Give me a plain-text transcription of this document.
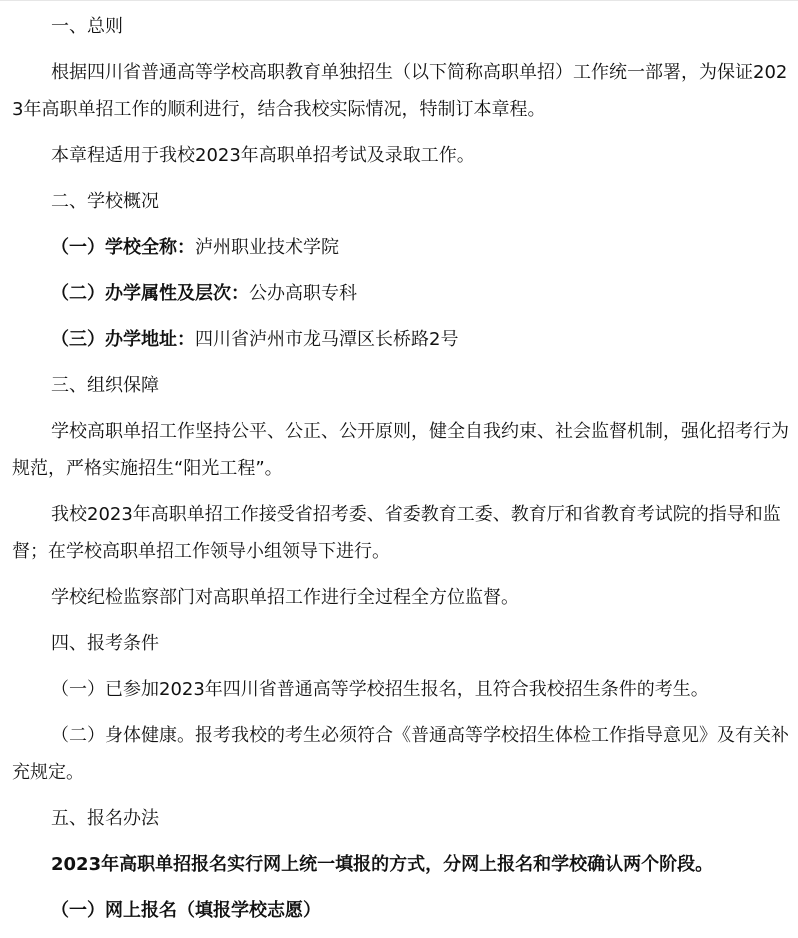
一、总则

根据四川省普通高等学校高职教育单独招生（以下简称高职单招）工作统一部署，为保证2023年高职单招工作的顺利进行，结合我校实际情况，特制订本章程。

本章程适用于我校2023年高职单招考试及录取工作。

二、学校概况

（一）学校全称：泸州职业技术学院

（二）办学属性及层次：公办高职专科

（三）办学地址：四川省泸州市龙马潭区长桥路2号

三、组织保障

学校高职单招工作坚持公平、公正、公开原则，健全自我约束、社会监督机制，强化招考行为规范，严格实施招生“阳光工程”。

我校2023年高职单招工作接受省招考委、省委教育工委、教育厅和省教育考试院的指导和监督；在学校高职单招工作领导小组领导下进行。

学校纪检监察部门对高职单招工作进行全过程全方位监督。

四、报考条件

（一）已参加2023年四川省普通高等学校招生报名，且符合我校招生条件的考生。

（二）身体健康。报考我校的考生必须符合《普通高等学校招生体检工作指导意见》及有关补充规定。

五、报名办法

2023年高职单招报名实行网上统一填报的方式，分网上报名和学校确认两个阶段。

（一）网上报名（填报学校志愿）
